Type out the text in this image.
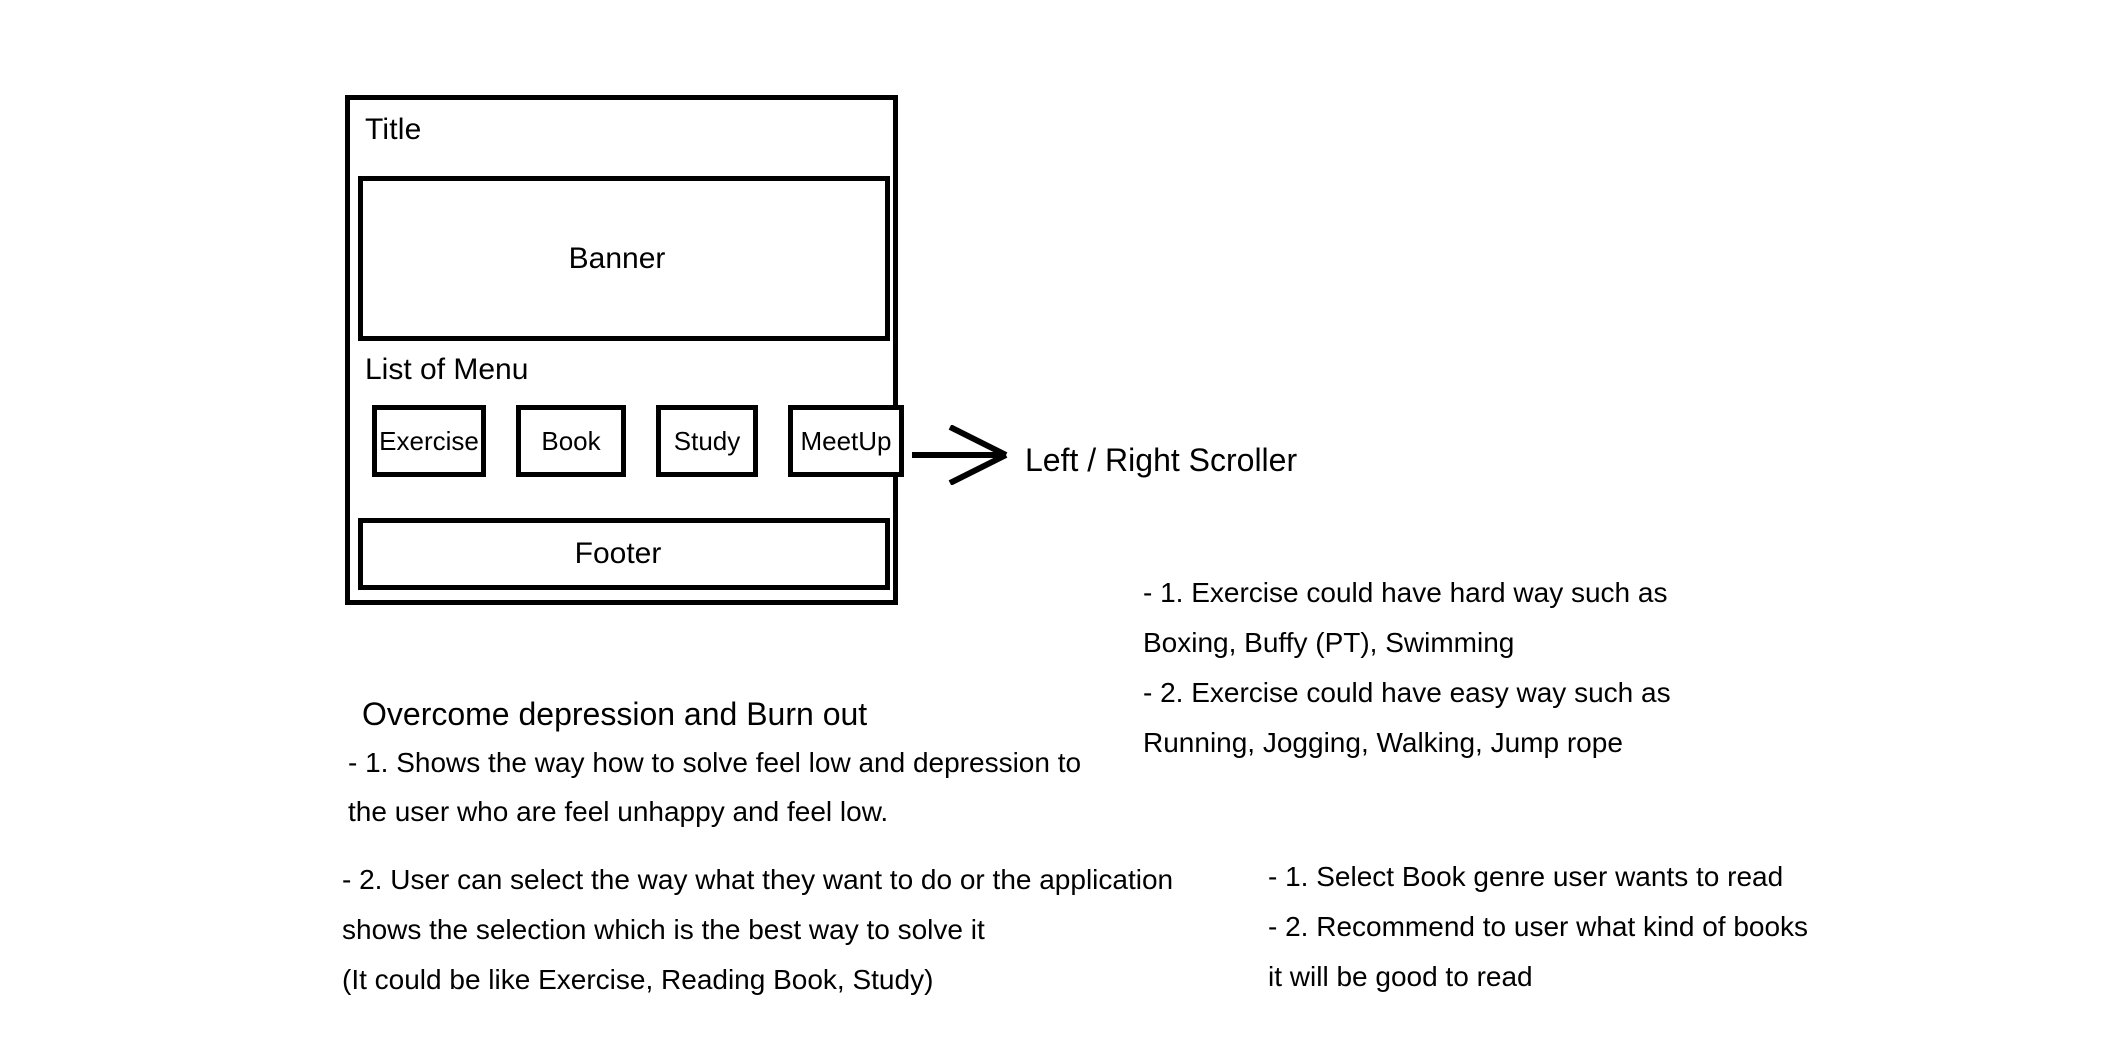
Title
Banner
List of Menu
Exercise Book	Study MeetUp
Footer
Left / Right Scroller
- 1. Exercise could have hard way such as
Boxing, Buffy (PT), Swimming
- 2. Exercise could have easy way such as
Running, Jogging, Walking, Jump rope
Overcome depression and Burn out
- 1. Shows the way how to solve feel low and depression to
the user who are feel unhappy and feel low.
- 2. User can select the way what they want to do or the application
shows the selection which is the best way to solve it
(It could be like Exercise, Reading Book, Study)
- 1. Select Book genre user wants to read
- 2. Recommend to user what kind of books
it will be good to read
